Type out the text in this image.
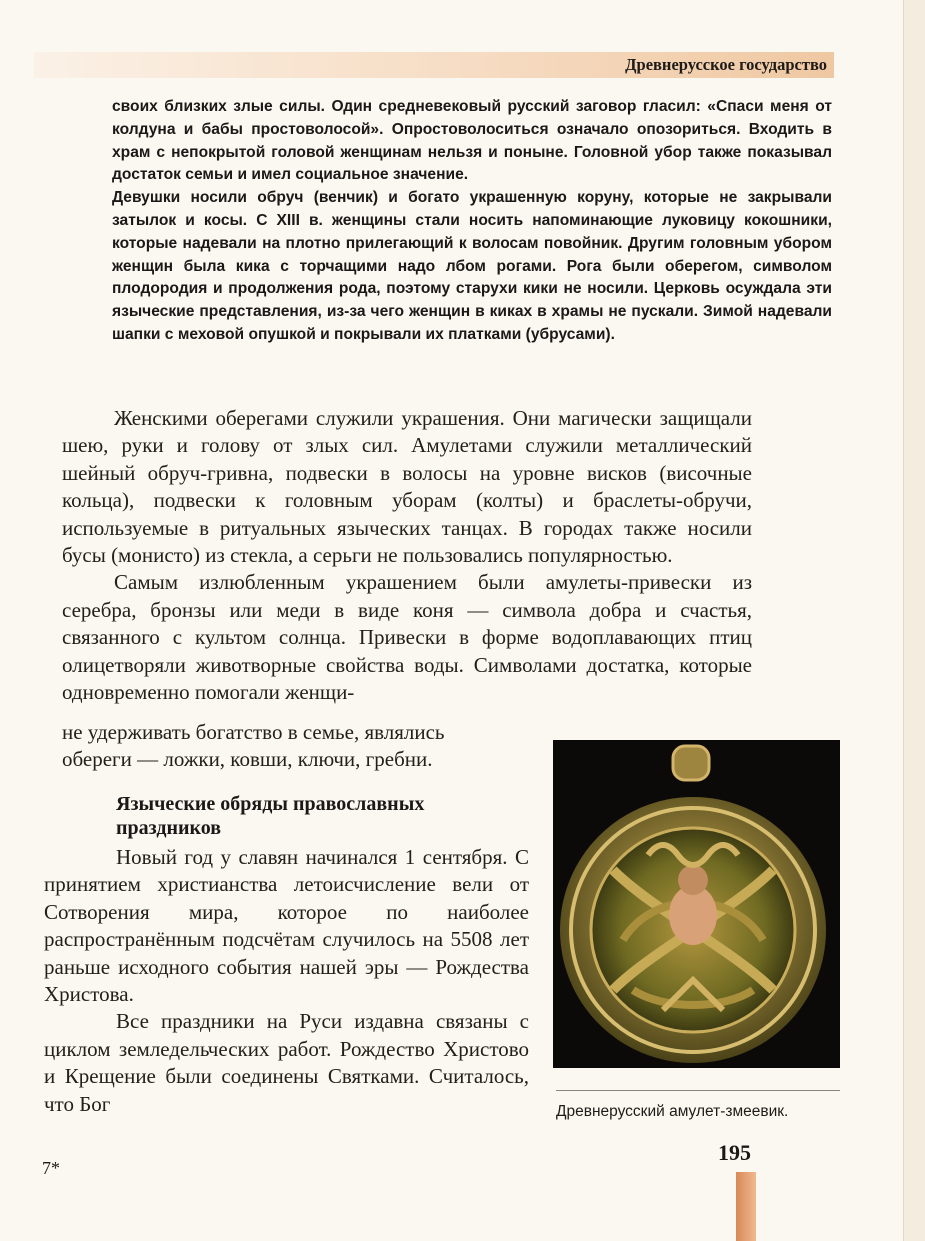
Древнерусское государство

своих близких злые силы. Один средневековый русский заговор гласил: «Спаси меня от колдуна и бабы простоволосой». Опростоволоситься означало опозориться. Входить в храм с непокрытой головой женщинам нельзя и поныне. Головной убор также показывал достаток семьи и имел социальное значение.

Девушки носили обруч (венчик) и богато украшенную коруну, которые не закрывали затылок и косы. С XIII в. женщины стали носить напоминающие луковицу кокошники, которые надевали на плотно прилегающий к волосам повойник. Другим головным убором женщин была кика с торчащими надо лбом рогами. Рога были оберегом, символом плодородия и продолжения рода, поэтому старухи кики не носили. Церковь осуждала эти языческие представления, из-за чего женщин в киках в храмы не пускали. Зимой надевали шапки с меховой опушкой и покрывали их платками (убрусами).

Женскими оберегами служили украшения. Они магически защищали шею, руки и голову от злых сил. Амулетами служили металлический шейный обруч-гривна, подвески в волосы на уровне висков (височные кольца), подвески к головным уборам (колты) и браслеты-обручи, используемые в ритуальных языческих танцах. В городах также носили бусы (монисто) из стекла, а серьги не пользовались популярностью.

Самым излюбленным украшением были амулеты-привески из серебра, бронзы или меди в виде коня — символа добра и счастья, связанного с культом солнца. Привески в форме водоплавающих птиц олицетворяли животворные свойства воды. Символами достатка, которые одновременно помогали женщи-

не удерживать богатство в семье, являлись
обереги — ложки, ковши, ключи, гребни.
Языческие обряды православных праздников

Новый год у славян начинался 1 сентября. С принятием христианства летоисчисление вели от Сотворения мира, которое по наиболее распространённым подсчётам случилось на 5508 лет раньше исходного события нашей эры — Рождества Христова.

Все праздники на Руси издавна связаны с циклом земледельческих работ. Рождество Христово и Крещение были соединены Святками. Считалось, что Бог	Древнерусский амулет-змеевик.
7*
195
